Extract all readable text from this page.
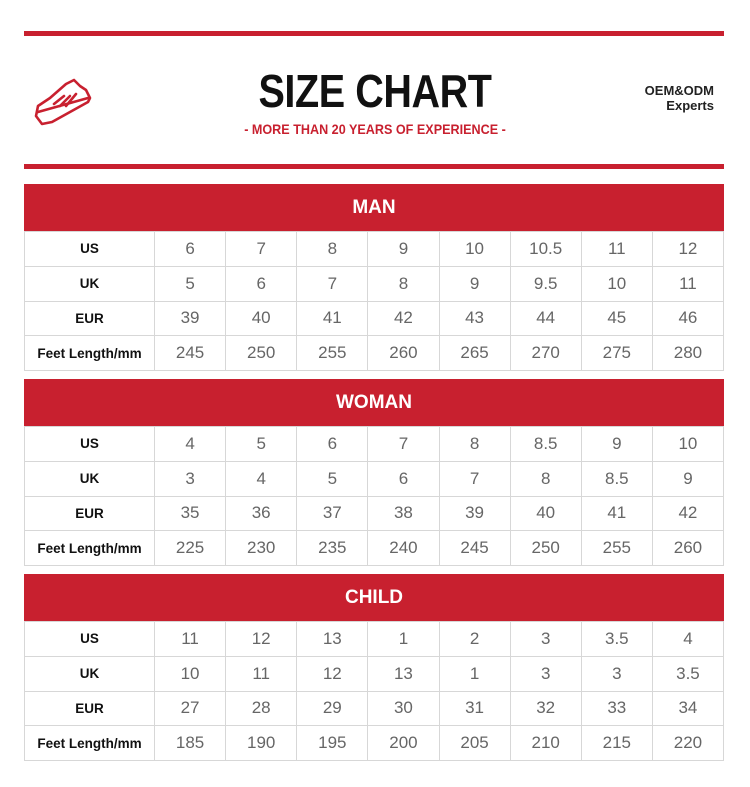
SIZE CHART
- MORE THAN 20 YEARS OF EXPERIENCE -
OEM&ODM
Experts
MAN
US	6	7	8	9	10	10.5	11	12
UK	5	6	7	8	9	9.5	10	11
EUR	39	40	41	42	43	44	45	46
Feet Length/mm	245	250	255	260	265	270	275	280
WOMAN
US	4	5	6	7	8	8.5	9	10
UK	3	4	5	6	7	8	8.5	9
EUR	35	36	37	38	39	40	41	42
Feet Length/mm	225	230	235	240	245	250	255	260
CHILD
US	11	12	13	1	2	3	3.5	4
UK	10	11	12	13	1	3	3	3.5
EUR	27	28	29	30	31	32	33	34
Feet Length/mm	185	190	195	200	205	210	215	220
